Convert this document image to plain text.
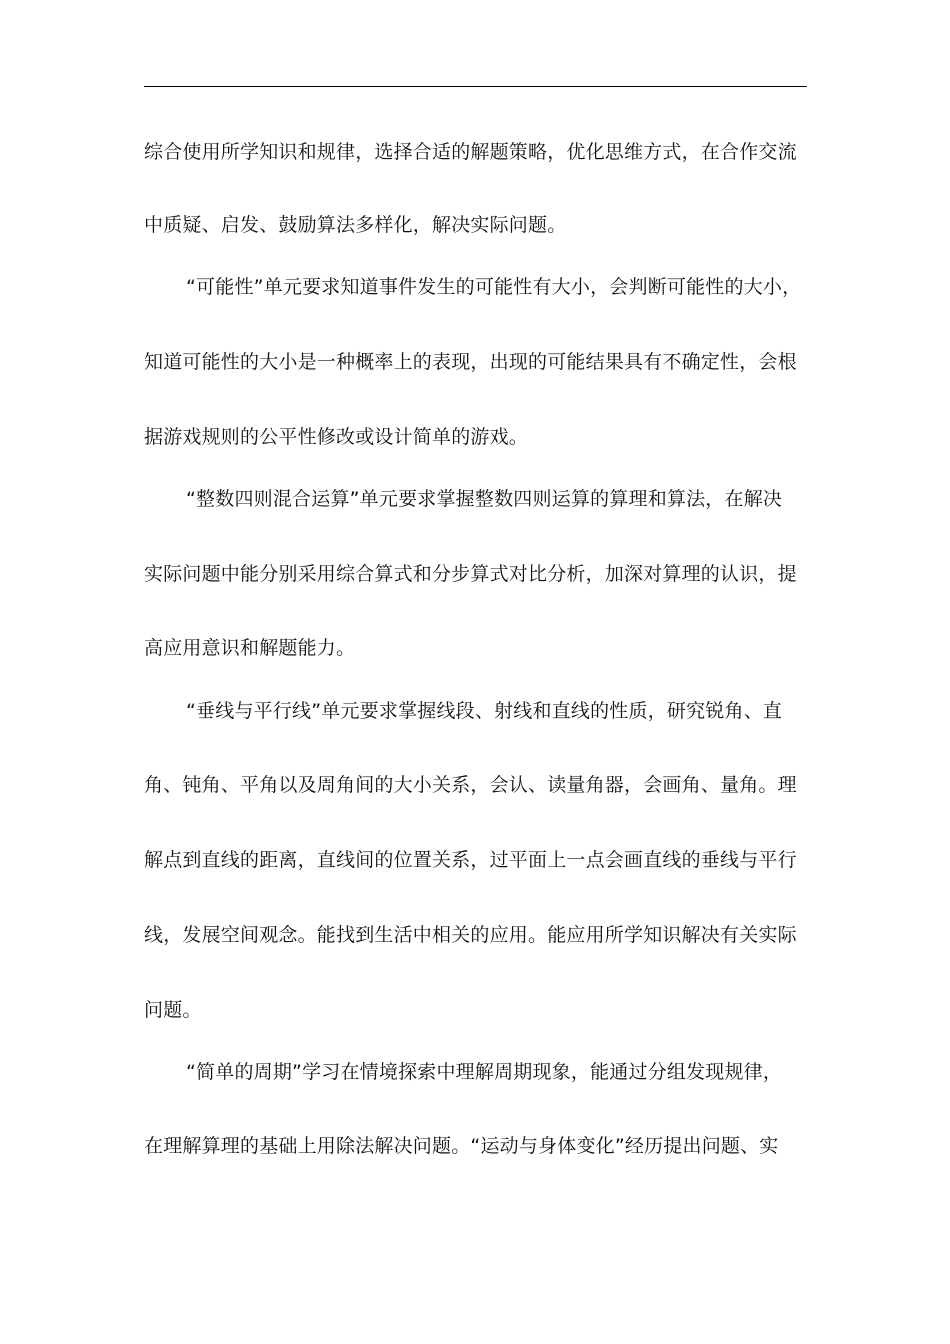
综合使用所学知识和规律，选择合适的解题策略，优化思维方式，在合作交流
中质疑、启发、鼓励算法多样化，解决实际问题。
“可能性”单元要求知道事件发生的可能性有大小，会判断可能性的大小，
知道可能性的大小是一种概率上的表现，出现的可能结果具有不确定性，会根
据游戏规则的公平性修改或设计简单的游戏。
“整数四则混合运算”单元要求掌握整数四则运算的算理和算法，在解决
实际问题中能分别采用综合算式和分步算式对比分析，加深对算理的认识，提
高应用意识和解题能力。
“垂线与平行线”单元要求掌握线段、射线和直线的性质，研究锐角、直
角、钝角、平角以及周角间的大小关系，会认、读量角器，会画角、量角。理
解点到直线的距离，直线间的位置关系，过平面上一点会画直线的垂线与平行
线，发展空间观念。能找到生活中相关的应用。能应用所学知识解决有关实际
问题。
“简单的周期”学习在情境探索中理解周期现象，能通过分组发现规律，
在理解算理的基础上用除法解决问题。“运动与身体变化”经历提出问题、实
